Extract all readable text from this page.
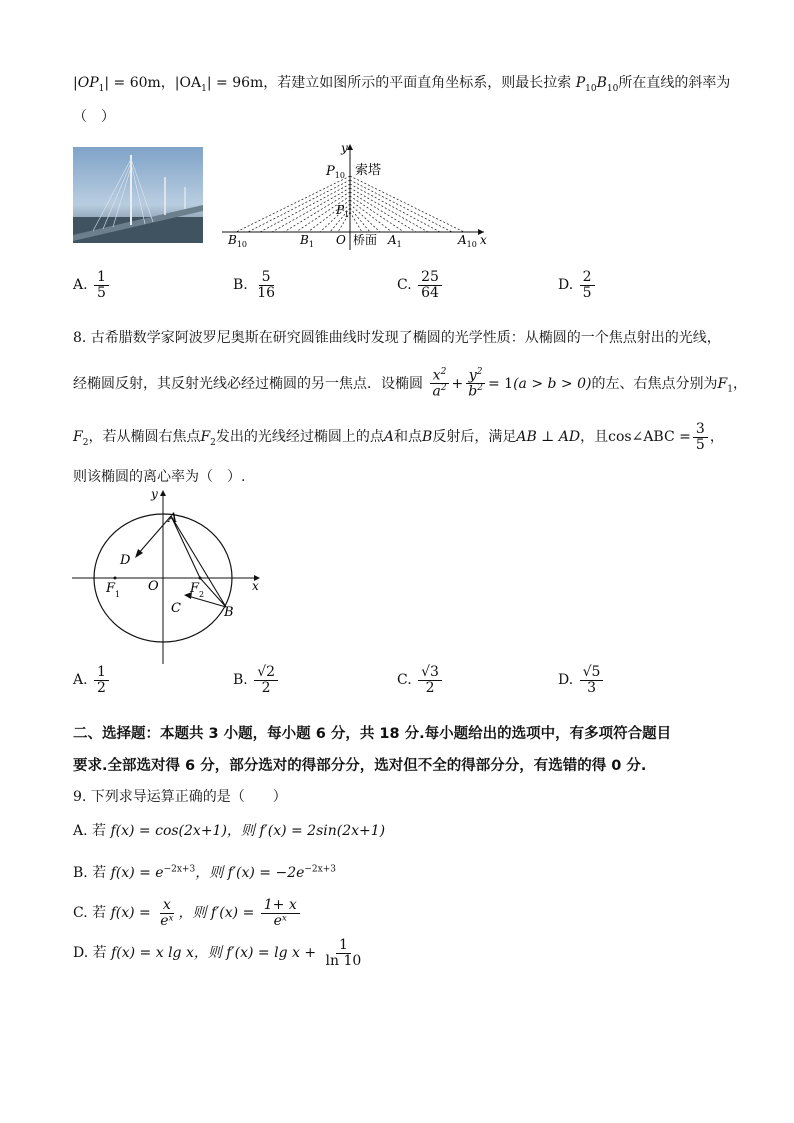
$|OP_1| = 60m$，$|OA_1| = 96m$，若建立如图所示的平面直角坐标系，则最长拉索 $P_{10}B_{10}$所在直线的斜率为
（　）
y
$P_{10}$ 索塔
$P_1$
$B_{10}$	$B_1$ O 桥面 $A_1$	$A_{10}$ x
A. $\frac{1}{5}$	B. $\frac{5}{16}$	C. $\frac{25}{64}$	D. $\frac{2}{5}$
8. 古希腊数学家阿波罗尼奥斯在研究圆锥曲线时发现了椭圆的光学性质：从椭圆的一个焦点射出的光线，
经椭圆反射，其反射光线必经过椭圆的另一焦点．设椭圆 $\frac{x^2}{a^2} + \frac{y^2}{b^2} = 1(a > b > 0)$的左、右焦点分别为$F_1$，
$F_2$，若从椭圆右焦点$F_2$发出的光线经过椭圆上的点A和点B反射后，满足AB ⊥ AD，且cos∠ABC = $\frac{3}{5}$ ，
则该椭圆的离心率为（　）.
y
x
A
D
$F_1$
O $F_2$
C	B
A. $\frac{1}{2}$	B. $\frac{√2}{2}$	C. $\frac{√3}{2}$	D. $\frac{√5}{3}$
二、选择题：本题共 3 小题，每小题 6 分，共 18 分.每小题给出的选项中，有多项符合题目
要求.全部选对得 6 分，部分选对的得部分分，选对但不全的得部分分，有选错的得 0 分.
9. 下列求导运算正确的是（　　）
A. 若 f(x) = cos(2x+1)，则 f′(x) = 2sin(2x+1)
B. 若 $f(x) = e^{-2x+3}$，则 $f'(x) = -2e^{-2x+3}$
C. 若 $f(x) = \frac{x}{\text{eˣ}}$ ，则 $f'(x) = \frac{1+ x}{\text{eˣ}}$
D. 若 f(x) = x lg x，则 $f'(x) = \lg x + \frac{1}{\ln 10}$
